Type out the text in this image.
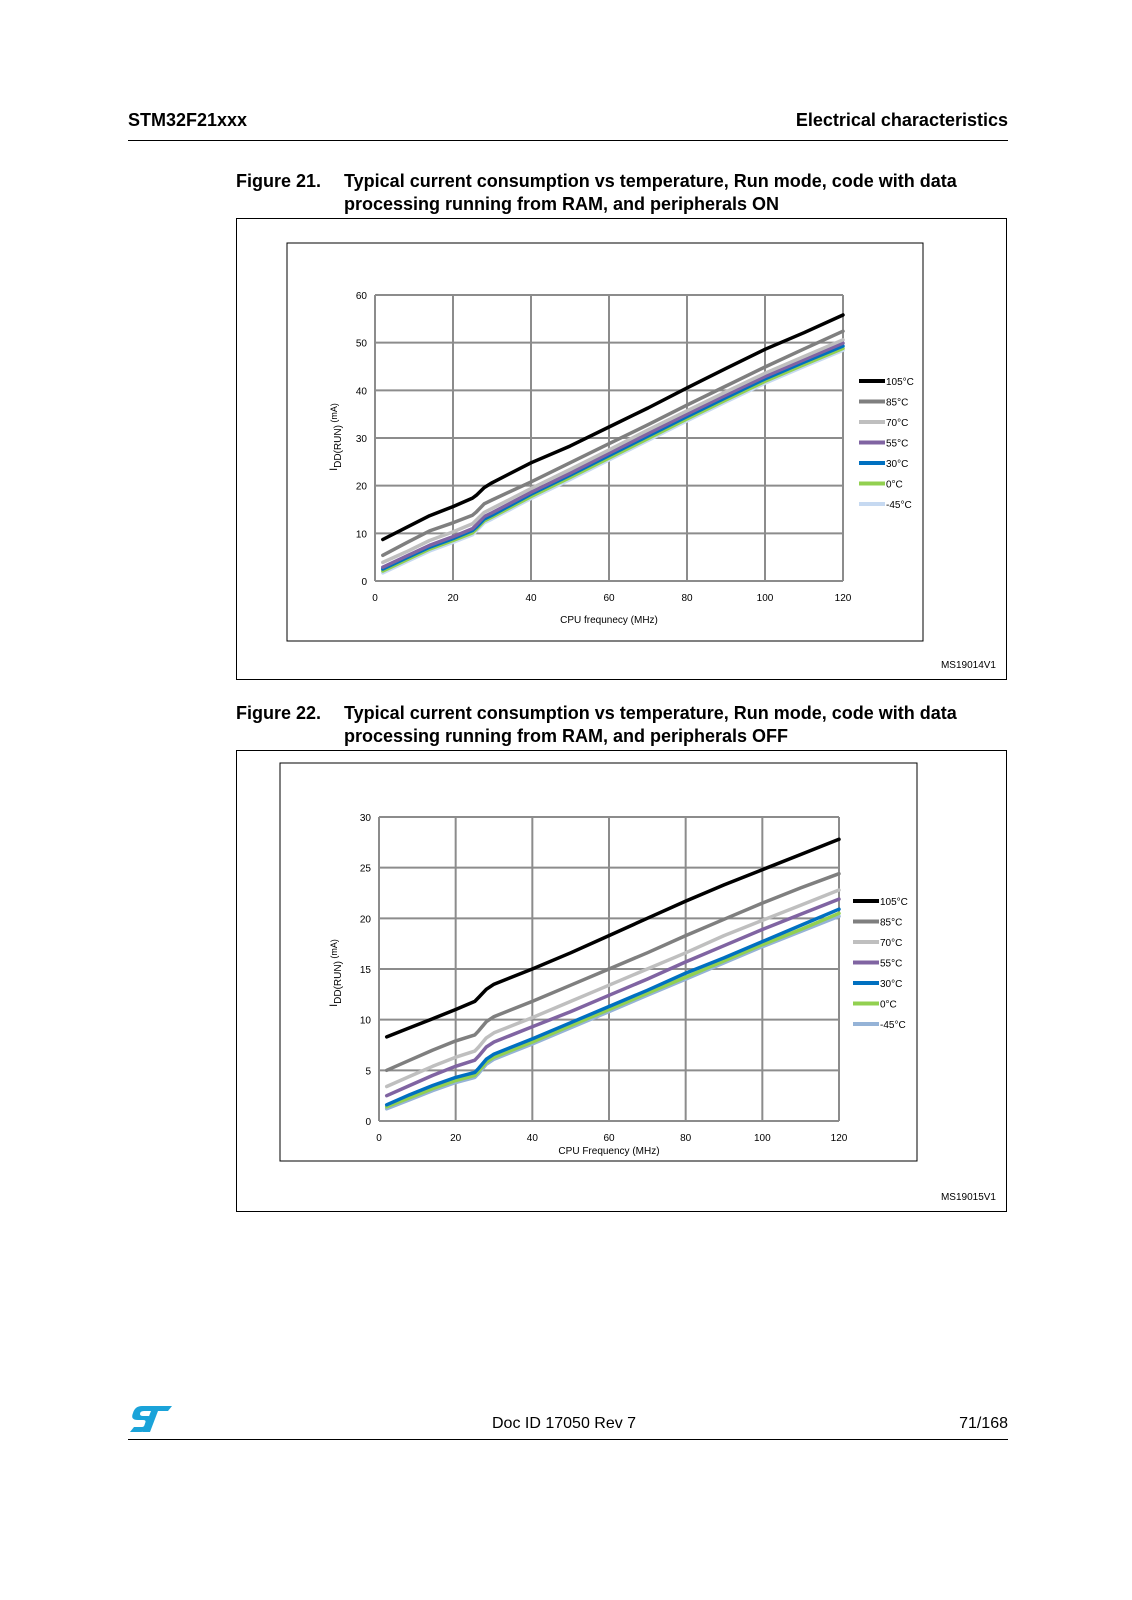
STM32F21xxx	Electrical characteristics
Figure 21. Typical current consumption vs temperature, Run mode, code with data processing running from RAM, and peripherals ON
0	20	40	60	80	100	120
0
10
20
30
40
50
60
CPU frequnecy (MHz)
IDD(RUN) (mA)
105°C
85°C
70°C
55°C
30°C
0°C
-45°C
MS19014V1
Figure 22. Typical current consumption vs temperature, Run mode, code with data processing running from RAM, and peripherals OFF
0	20	40	60	80	100	120
0
5
10
15
20
25
30
CPU Frequency (MHz)
IDD(RUN) (mA)
105°C
85°C
70°C
55°C
30°C
0°C
-45°C
MS19015V1
Doc ID 17050 Rev 7	71/168
